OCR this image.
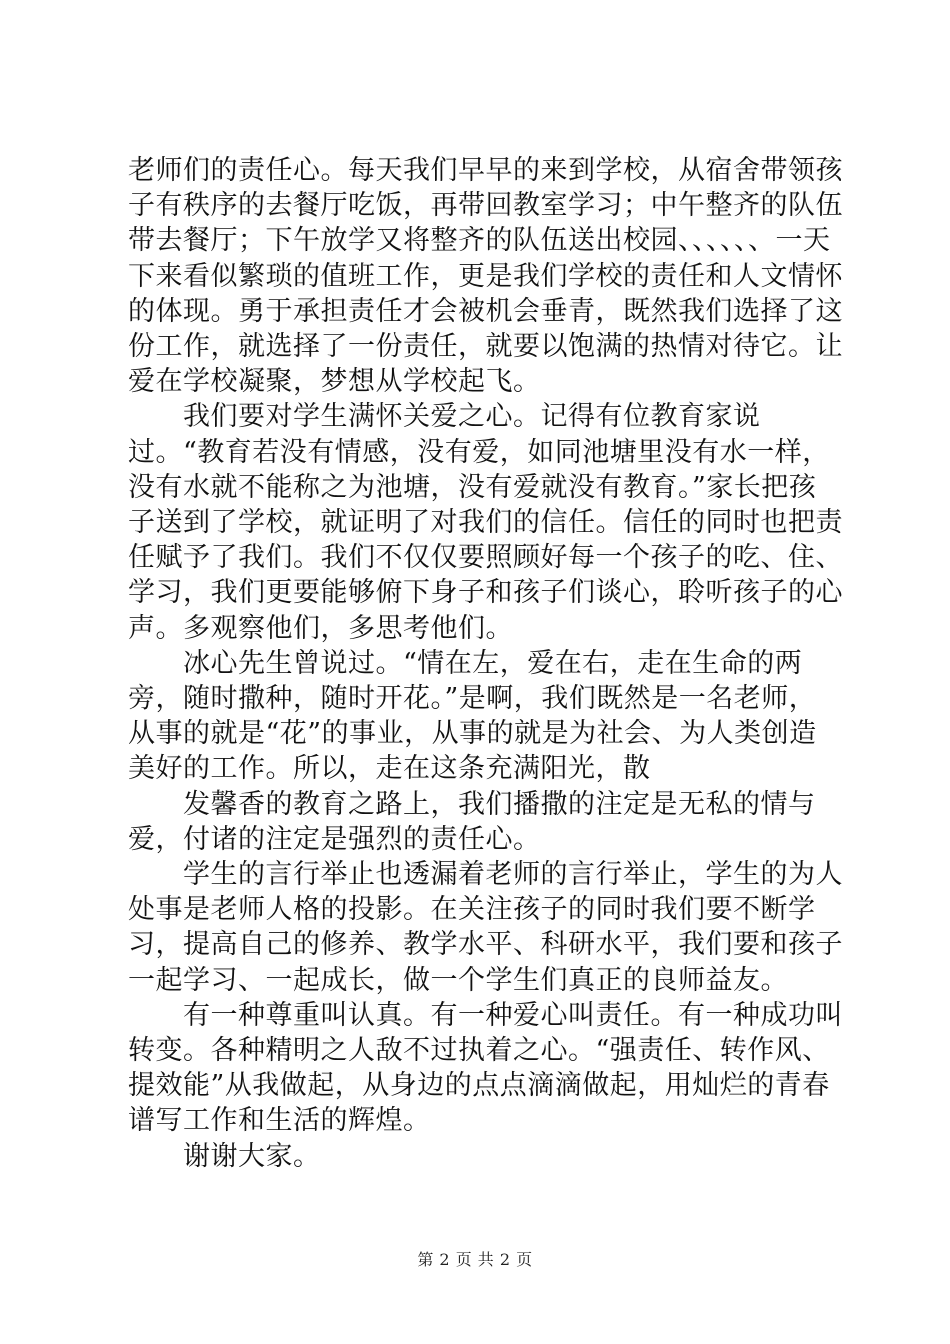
老师们的责任心。每天我们早早的来到学校，从宿舍带领孩子有秩序的去餐厅吃饭，再带回教室学习；中午整齐的队伍带去餐厅；下午放学又将整齐的队伍送出校园、、、、、、一天下来看似繁琐的值班工作，更是我们学校的责任和人文情怀的体现。勇于承担责任才会被机会垂青，既然我们选择了这份工作，就选择了一份责任，就要以饱满的热情对待它。让爱在学校凝聚，梦想从学校起飞。

我们要对学生满怀关爱之心。记得有位教育家说过。“教育若没有情感，没有爱，如同池塘里没有水一样，没有水就不能称之为池塘，没有爱就没有教育。”家长把孩子送到了学校，就证明了对我们的信任。信任的同时也把责任赋予了我们。我们不仅仅要照顾好每一个孩子的吃、住、学习，我们更要能够俯下身子和孩子们谈心，聆听孩子的心声。多观察他们，多思考他们。

冰心先生曾说过。“情在左，爱在右，走在生命的两旁，随时撒种，随时开花。”是啊，我们既然是一名老师，从事的就是“花”的事业，从事的就是为社会、为人类创造美好的工作。所以，走在这条充满阳光，散

发馨香的教育之路上，我们播撒的注定是无私的情与爱，付诸的注定是强烈的责任心。

学生的言行举止也透漏着老师的言行举止，学生的为人处事是老师人格的投影。在关注孩子的同时我们要不断学习，提高自己的修养、教学水平、科研水平，我们要和孩子一起学习、一起成长，做一个学生们真正的良师益友。

有一种尊重叫认真。有一种爱心叫责任。有一种成功叫转变。各种精明之人敌不过执着之心。“强责任、转作风、提效能”从我做起，从身边的点点滴滴做起，用灿烂的青春谱写工作和生活的辉煌。

谢谢大家。

第 2 页 共 2 页
